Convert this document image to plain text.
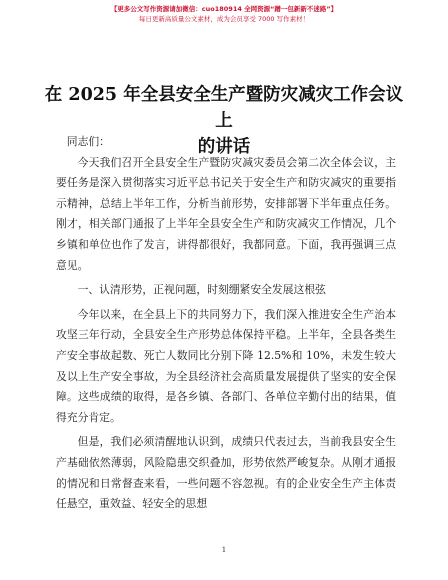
【更多公文写作资源请加微信：cuo180914 全网资源“蹭一包新新不迷路”】
每日更新高质量公文素材，成为会员享受 7000 写作素材！
在 2025 年全县安全生产暨防灾减灾工作会议上
的讲话

同志们：

今天我们召开全县安全生产暨防灾减灾委员会第二次全体会议，主要任务是深入贯彻落实习近平总书记关于安全生产和防灾减灾的重要指示精神，总结上半年工作，分析当前形势，安排部署下半年重点任务。刚才，相关部门通报了上半年全县安全生产和防灾减灾工作情况，几个乡镇和单位也作了发言，讲得都很好，我都同意。下面，我再强调三点意见。

一、认清形势，正视问题，时刻绷紧安全发展这根弦

今年以来，在全县上下的共同努力下，我们深入推进安全生产治本攻坚三年行动，全县安全生产形势总体保持平稳。上半年，全县各类生产安全事故起数、死亡人数同比分别下降 12.5%和 10%，未发生较大及以上生产安全事故，为全县经济社会高质量发展提供了坚实的安全保障。这些成绩的取得，是各乡镇、各部门、各单位辛勤付出的结果，值得充分肯定。

但是，我们必须清醒地认识到，成绩只代表过去，当前我县安全生产基础依然薄弱，风险隐患交织叠加，形势依然严峻复杂。从刚才通报的情况和日常督查来看，一些问题不容忽视。有的企业安全生产主体责任悬空，重效益、轻安全的思想

1
